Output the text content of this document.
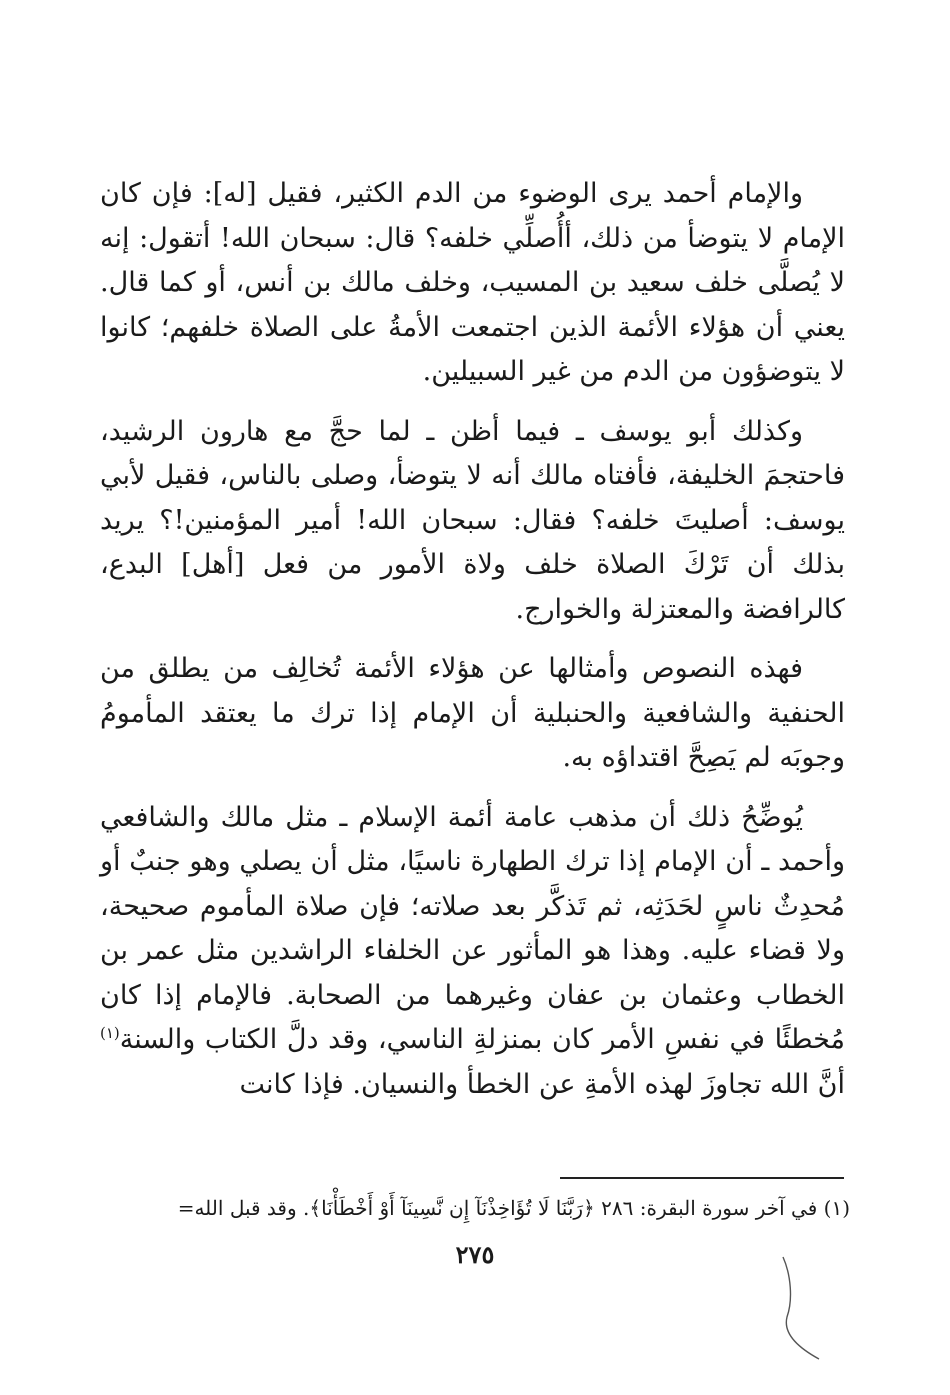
والإمام أحمد يرى الوضوء من الدم الكثير، فقيل [له]: فإن كان الإمام لا يتوضأ من ذلك، أأُصلِّي خلفه؟ قال: سبحان الله! أتقول: إنه لا يُصلَّى خلف سعيد بن المسيب، وخلف مالك بن أنس، أو كما قال. يعني أن هؤلاء الأئمة الذين اجتمعت الأمةُ على الصلاة خلفهم؛ كانوا لا يتوضؤون من الدم من غير السبيلين.

وكذلك أبو يوسف ـ فيما أظن ـ لما حجَّ مع هارون الرشيد، فاحتجمَ الخليفة، فأفتاه مالك أنه لا يتوضأ، وصلى بالناس، فقيل لأبي يوسف: أصليتَ خلفه؟ فقال: سبحان الله! أمير المؤمنين!؟ يريد بذلك أن تَرْكَ الصلاة خلف ولاة الأمور من فعل [أهل] البدع، كالرافضة والمعتزلة والخوارج.

فهذه النصوص وأمثالها عن هؤلاء الأئمة تُخالِف من يطلق من الحنفية والشافعية والحنبلية أن الإمام إذا ترك ما يعتقد المأمومُ وجوبَه لم يَصِحَّ اقتداؤه به.

يُوضِّحُ ذلك أن مذهب عامة أئمة الإسلام ـ مثل مالك والشافعي وأحمد ـ أن الإمام إذا ترك الطهارة ناسيًا، مثل أن يصلي وهو جنبٌ أو مُحدِثٌ ناسٍ لحَدَثِه، ثم تَذكَّر بعد صلاته؛ فإن صلاة المأموم صحيحة، ولا قضاء عليه. وهذا هو المأثور عن الخلفاء الراشدين مثل عمر بن الخطاب وعثمان بن عفان وغيرهما من الصحابة. فالإمام إذا كان مُخطئًا في نفسِ الأمر كان بمنزلةِ الناسي، وقد دلَّ الكتاب والسنة$^{(١)}$ أنَّ الله تجاوزَ لهذه الأمةِ عن الخطأ والنسيان. فإذا كانت

(١) في آخر سورة البقرة: ٢٨٦ ﴿رَبَّنَا لَا تُؤَاخِذْنَآ إِن نَّسِينَآ أَوْ أَخْطَأْنَا﴾. وقد قبل الله=
٢٧٥
